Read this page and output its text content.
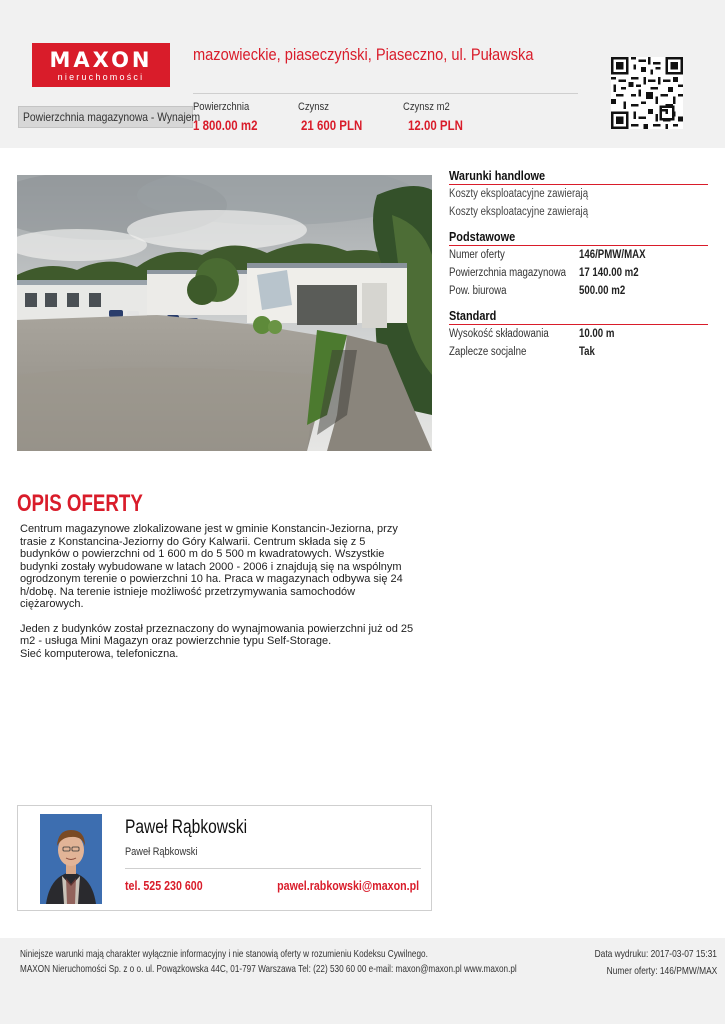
MAXON
nieruchomości
mazowieckie, piaseczyński, Piaseczno, ul. Puławska
Powierzchnia magazynowa - Wynajem
Powierzchnia
1 800.00 m2
Czynsz
21 600 PLN
Czynsz m2
12.00 PLN
Warunki handlowe
Koszty eksploatacyjne zawierają
Koszty eksploatacyjne zawierają
Podstawowe
Numer oferty	146/PMW/MAX
Powierzchnia magazynowa 17 140.00 m2
Pow. biurowa	500.00 m2
Standard
Wysokość składowania	10.00 m
Zaplecze socjalne	Tak
OPIS OFERTY

Centrum magazynowe zlokalizowane jest w gminie Konstancin-Jeziorna, przy trasie z Konstancina-Jeziorny do Góry Kalwarii. Centrum składa się z 5 budynków o powierzchni od 1 600 m do 5 500 m kwadratowych. Wszystkie budynki zostały wybudowane w latach 2000 - 2006 i znajdują się na wspólnym ogrodzonym terenie o powierzchni 10 ha. Praca w magazynach odbywa się 24 h/dobę. Na terenie istnieje możliwość przetrzymywania samochodów ciężarowych.

Jeden z budynków został przeznaczony do wynajmowania powierzchni już od 25 m2 - usługa Mini Magazyn oraz powierzchnie typu Self-Storage.

Sieć komputerowa, telefoniczna.

Paweł Rąbkowski
Paweł Rąbkowski
tel. 525 230 600	pawel.rabkowski@maxon.pl
Niniejsze warunki mają charakter wyłącznie informacyjny i nie stanowią oferty w rozumieniu Kodeksu Cywilnego.
MAXON Nieruchomości Sp. z o o. ul. Powązkowska 44C, 01-797 Warszawa Tel: (22) 530 60 00 e-mail: maxon@maxon.pl www.maxon.pl
Data wydruku: 2017-03-07 15:31
Numer oferty: 146/PMW/MAX
